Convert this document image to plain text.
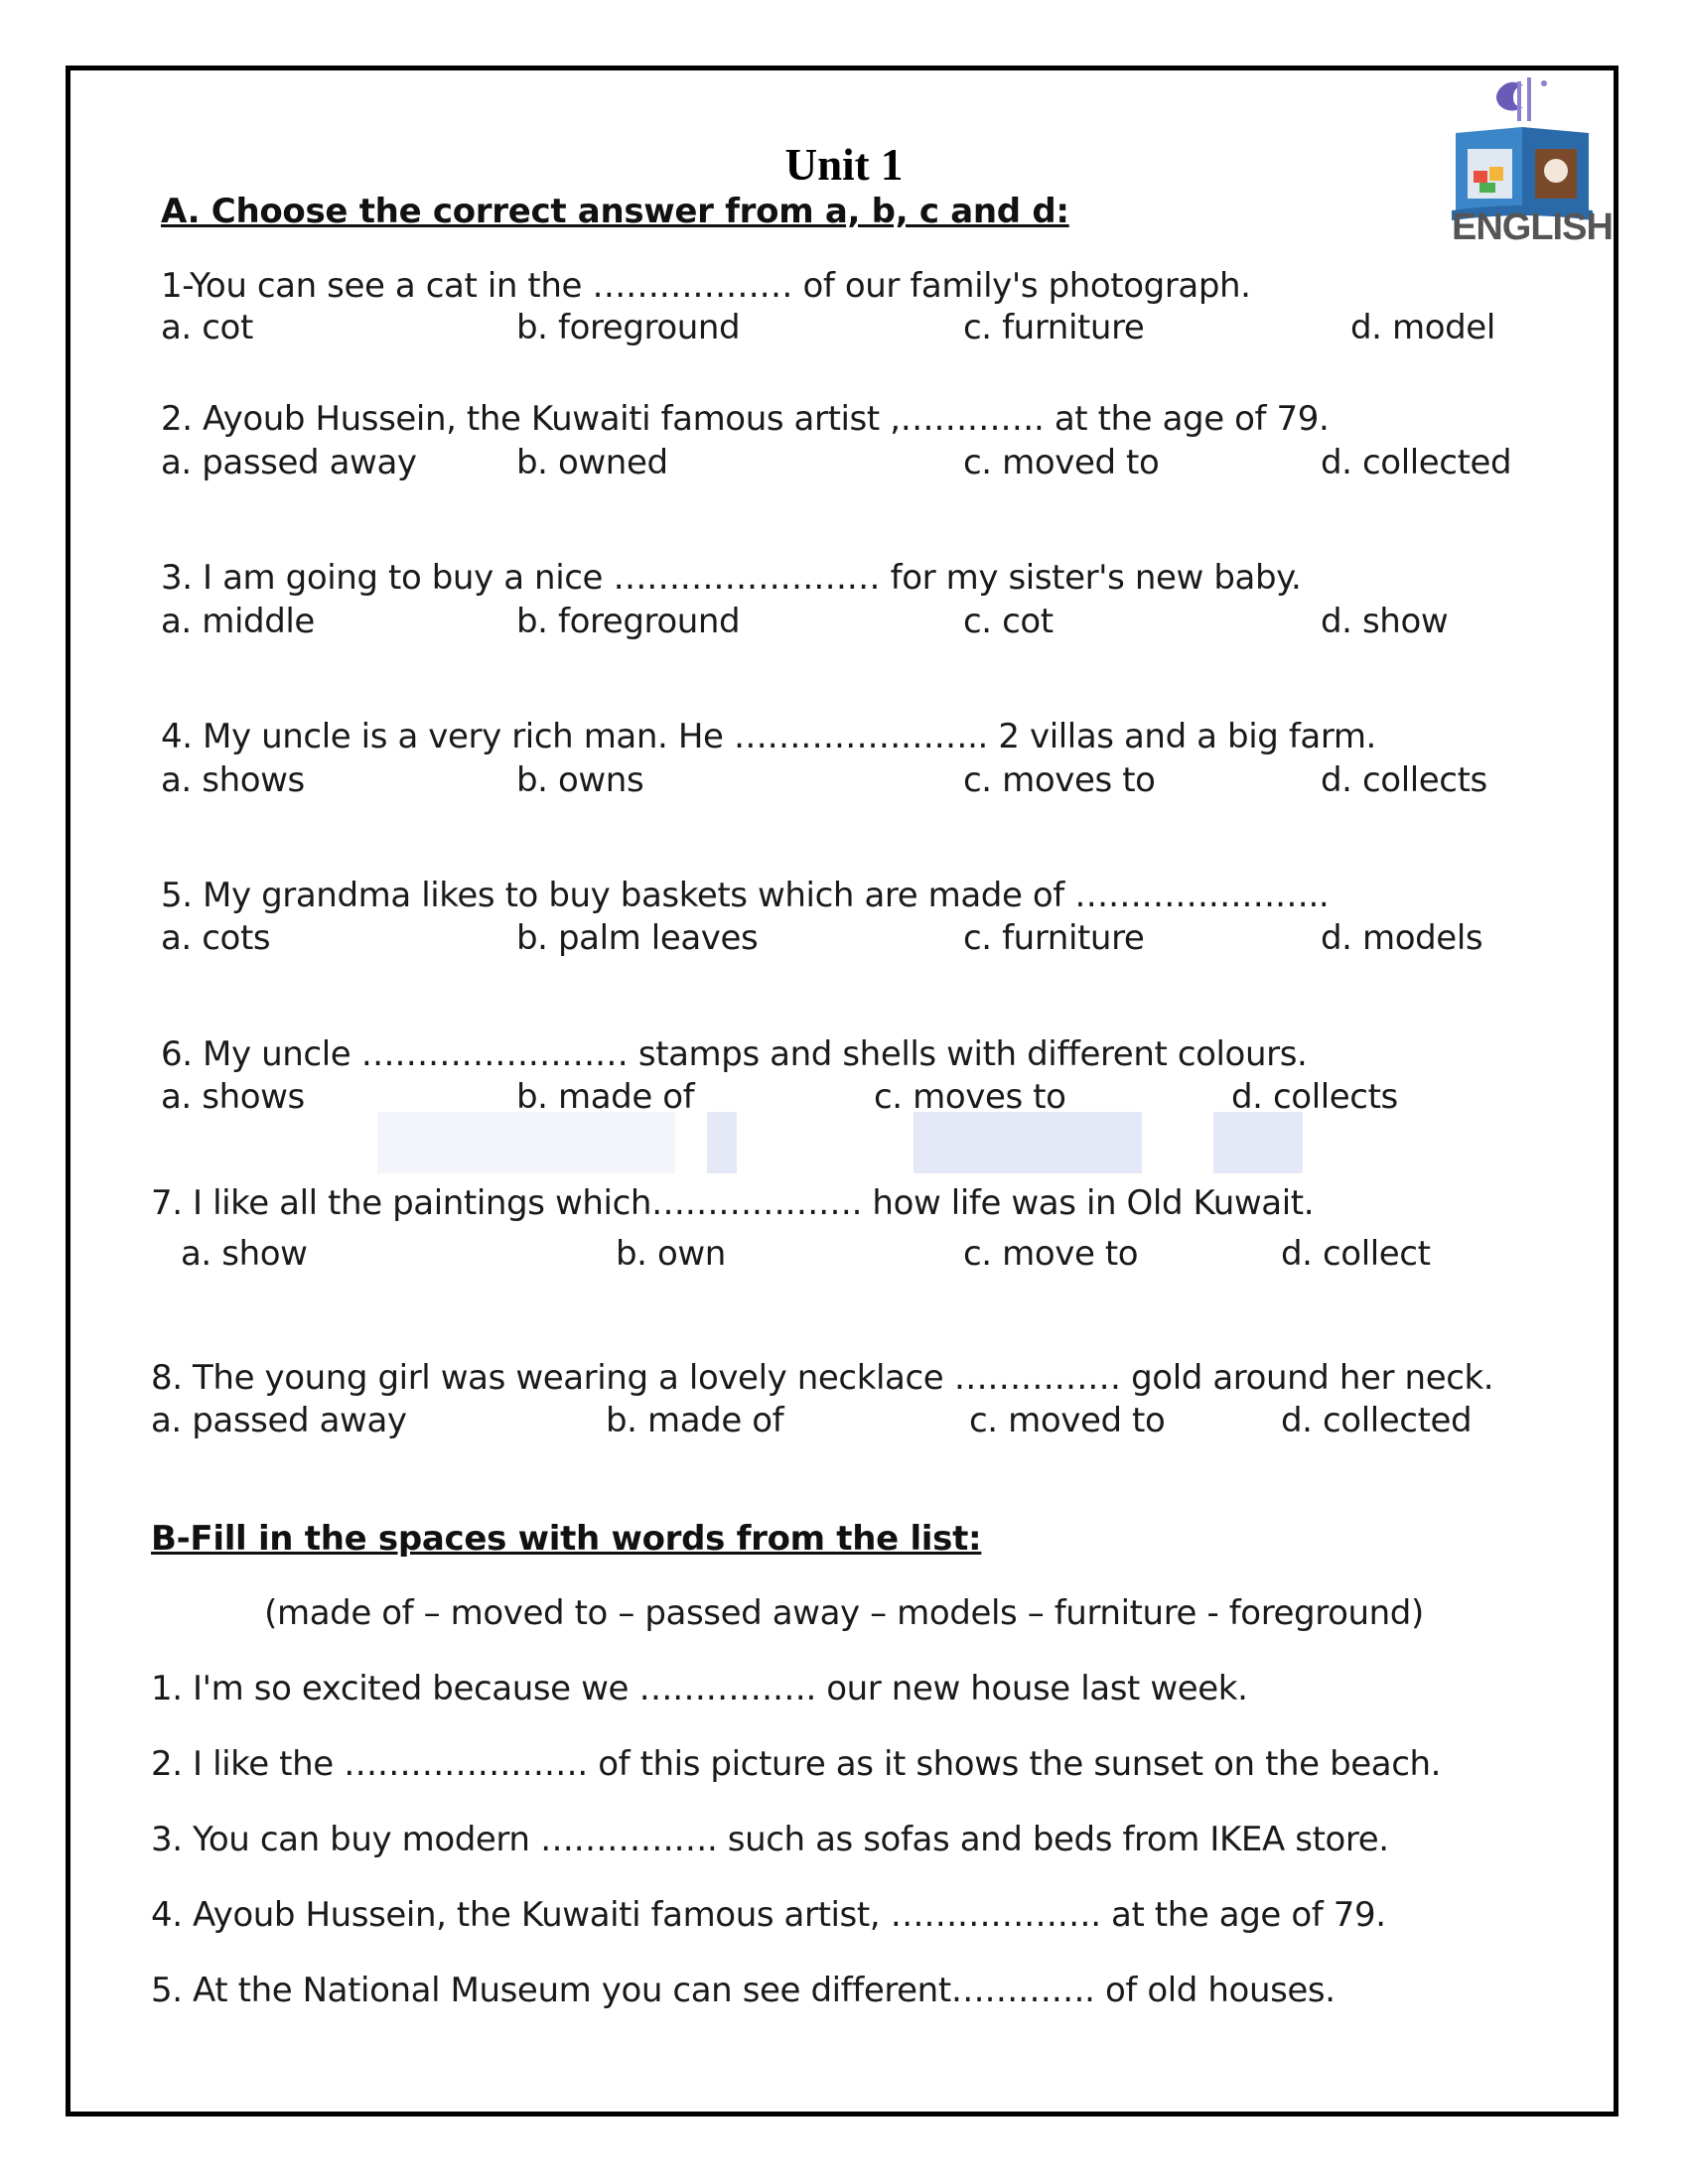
ENGLISH
Unit 1
A. Choose the correct answer from a, b, c and d:
1-You can see a cat in the ……………… of our family's photograph.
a. cot	b. foreground	c. furniture	d. model
2. Ayoub Hussein, the Kuwaiti famous artist ,…………. at the age of 79.
a. passed away	b. owned	c. moved to	d. collected
3. I am going to buy a nice …………………… for my sister's new baby.
a. middle	b. foreground	c. cot	d. show
4. My uncle is a very rich man. He ………………….. 2 villas and a big farm.
a. shows	b. owns	c. moves to	d. collects
5. My grandma likes to buy baskets which are made of …………………..
a. cots	b. palm leaves	c. furniture	d. models
6. My uncle …………………… stamps and shells with different colours.
a. shows	b. made of	c. moves to	d. collects
7. I like all the paintings which………………. how life was in Old Kuwait.
a. show	b. own	c. move to	d. collect
8. The young girl was wearing a lovely necklace …………… gold around her neck.
a. passed away	b. made of	c. moved to	d. collected
B-Fill in the spaces with words from the list:
(made of – moved to – passed away – models – furniture - foreground)
1. I'm so excited because we ……………. our new house last week.
2. I like the …………………. of this picture as it shows the sunset on the beach.
3. You can buy modern ……………. such as sofas and beds from IKEA store.
4. Ayoub Hussein, the Kuwaiti famous artist, ………………. at the age of 79.
5. At the National Museum you can see different…………. of old houses.
